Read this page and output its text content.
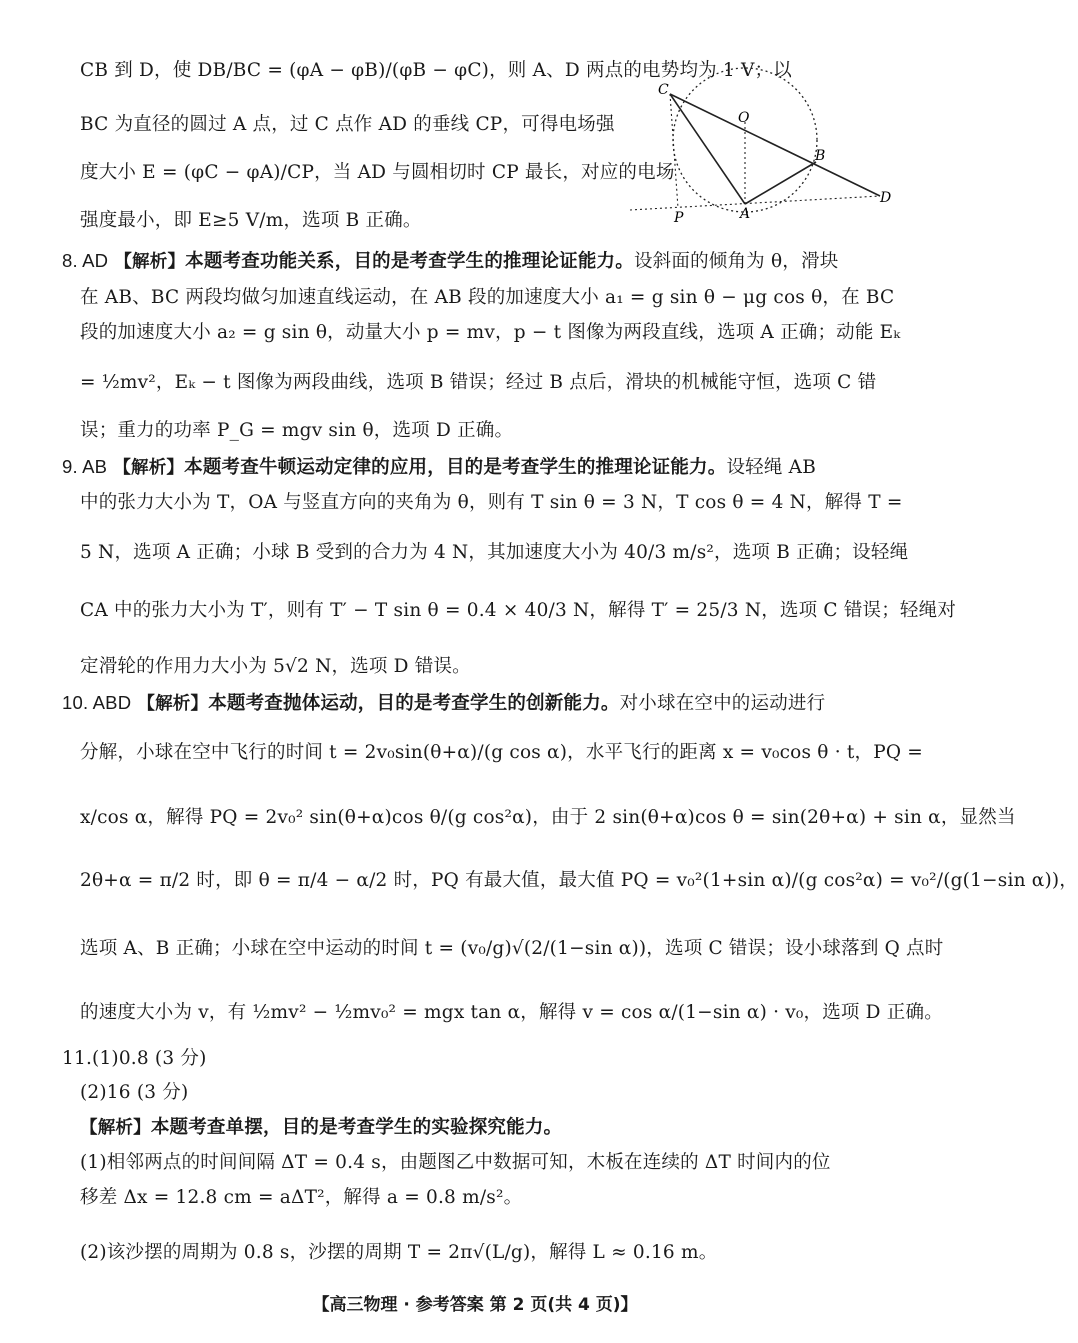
CB 到 D，使 DB/BC = (φA − φB)/(φB − φC)，则 A、D 两点的电势均为 1 V；以
BC 为直径的圆过 A 点，过 C 点作 AD 的垂线 CP，可得电场强
度大小 E = (φC − φA)/CP，当 AD 与圆相切时 CP 最长，对应的电场
强度最小，即 E≥5 V/m，选项 B 正确。
C
O
B
D
A
P
8. AD 【解析】本题考查功能关系，目的是考查学生的推理论证能力。设斜面的倾角为 θ，滑块
在 AB、BC 两段均做匀加速直线运动，在 AB 段的加速度大小 a₁ = g sin θ − μg cos θ，在 BC
段的加速度大小 a₂ = g sin θ，动量大小 p = mv，p − t 图像为两段直线，选项 A 正确；动能 Eₖ
= ½mv²，Eₖ − t 图像为两段曲线，选项 B 错误；经过 B 点后，滑块的机械能守恒，选项 C 错
误；重力的功率 P_G = mgv sin θ，选项 D 正确。
9. AB 【解析】本题考查牛顿运动定律的应用，目的是考查学生的推理论证能力。设轻绳 AB
中的张力大小为 T，OA 与竖直方向的夹角为 θ，则有 T sin θ = 3 N，T cos θ = 4 N，解得 T =
5 N，选项 A 正确；小球 B 受到的合力为 4 N，其加速度大小为 40/3 m/s²，选项 B 正确；设轻绳
CA 中的张力大小为 T′，则有 T′ − T sin θ = 0.4 × 40/3 N，解得 T′ = 25/3 N，选项 C 错误；轻绳对
定滑轮的作用力大小为 5√2 N，选项 D 错误。
10. ABD 【解析】本题考查抛体运动，目的是考查学生的创新能力。对小球在空中的运动进行
分解，小球在空中飞行的时间 t = 2v₀sin(θ+α)/(g cos α)，水平飞行的距离 x = v₀cos θ · t，PQ =
x/cos α，解得 PQ = 2v₀² sin(θ+α)cos θ/(g cos²α)，由于 2 sin(θ+α)cos θ = sin(2θ+α) + sin α，显然当
2θ+α = π/2 时，即 θ = π/4 − α/2 时，PQ 有最大值，最大值 PQ = v₀²(1+sin α)/(g cos²α) = v₀²/(g(1−sin α))，
选项 A、B 正确；小球在空中运动的时间 t = (v₀/g)√(2/(1−sin α))，选项 C 错误；设小球落到 Q 点时
的速度大小为 v，有 ½mv² − ½mv₀² = mgx tan α，解得 v = cos α/(1−sin α) · v₀，选项 D 正确。
11.(1)0.8 (3 分)
(2)16 (3 分)
【解析】本题考查单摆，目的是考查学生的实验探究能力。
(1)相邻两点的时间间隔 ΔT = 0.4 s，由题图乙中数据可知，木板在连续的 ΔT 时间内的位
移差 Δx = 12.8 cm = aΔT²，解得 a = 0.8 m/s²。
(2)该沙摆的周期为 0.8 s，沙摆的周期 T = 2π√(L/g)，解得 L ≈ 0.16 m。
【高三物理 · 参考答案 第 2 页(共 4 页)】
